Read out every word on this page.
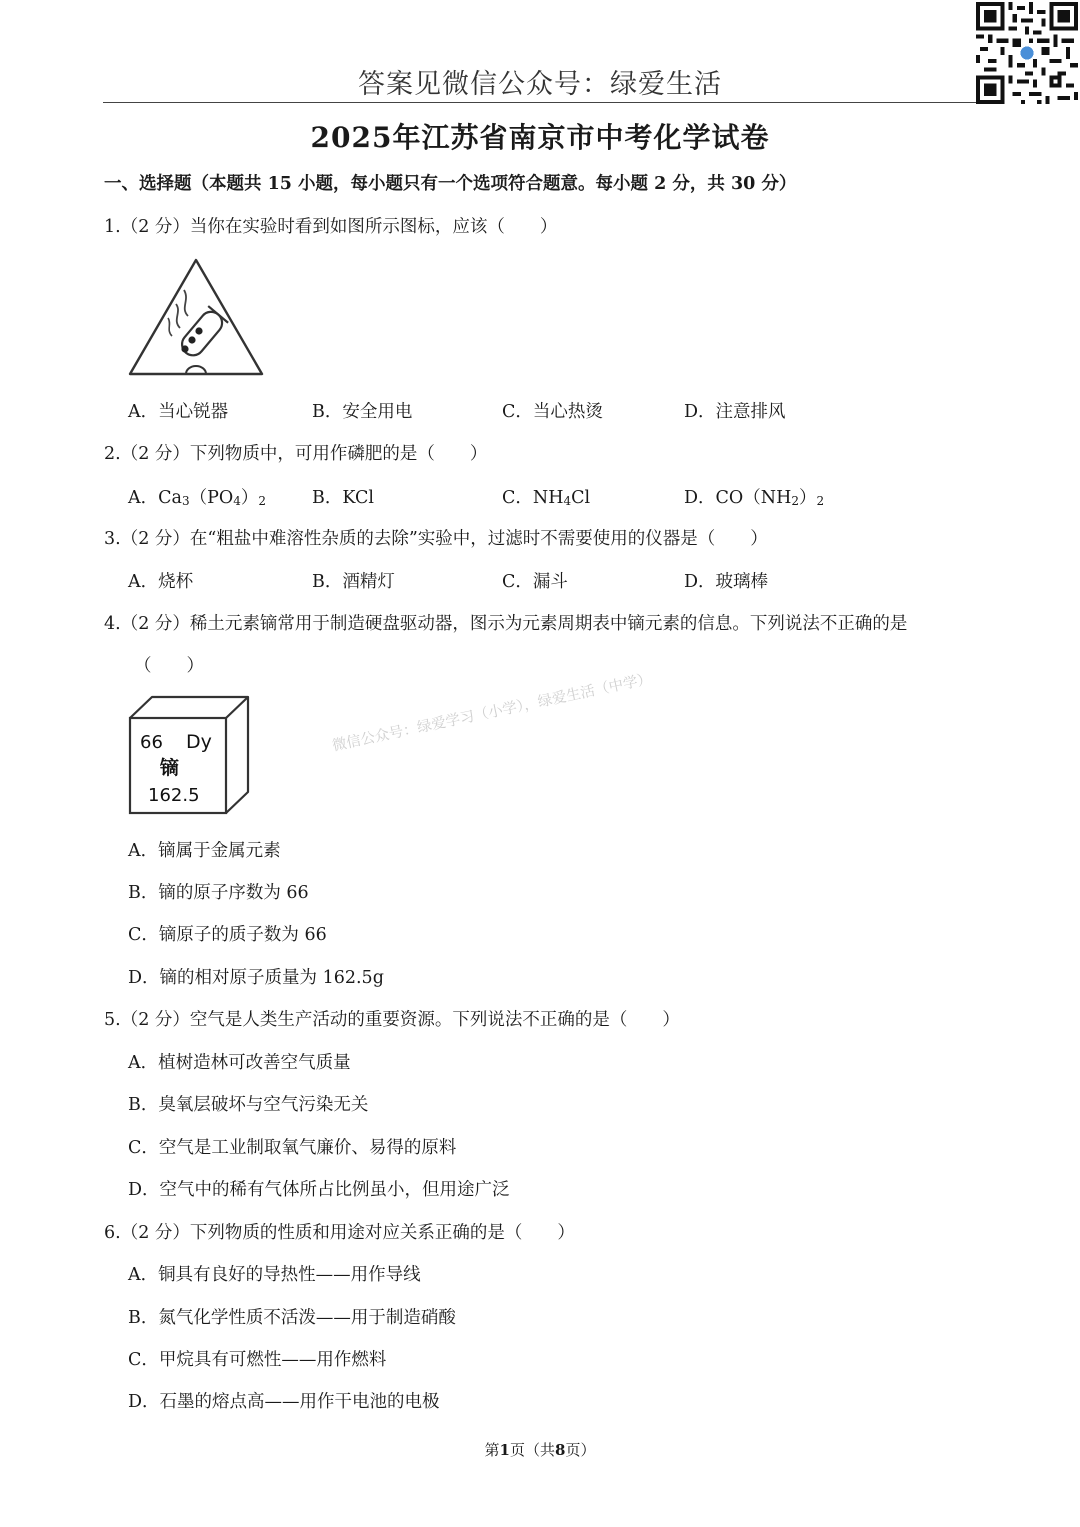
答案见微信公众号：绿爱生活
2025年江苏省南京市中考化学试卷
一、选择题（本题共 15 小题，每小题只有一个选项符合题意。每小题 2 分，共 30 分）
1.（2 分）当你在实验时看到如图所示图标，应该（　　）
A．当心锐器	B．安全用电	C．当心热烫	D．注意排风
2.（2 分）下列物质中，可用作磷肥的是（　　）
A．$Ca_3(PO_4)_2$	B．KCl	C．$NH_4Cl$	D．$CO(NH_2)_2$
3.（2 分）在“粗盐中难溶性杂质的去除”实验中，过滤时不需要使用的仪器是（　　）
A．烧杯	B．酒精灯	C．漏斗	D．玻璃棒
4.（2 分）稀土元素镝常用于制造硬盘驱动器，图示为元素周期表中镝元素的信息。下列说法不正确的是
（　　）
66 Dy
镝
162.5
微信公众号：绿爱学习（小学），绿爱生活（中学）
A．镝属于金属元素
B．镝的原子序数为 66
C．镝原子的质子数为 66
D．镝的相对原子质量为 162.5g
5.（2 分）空气是人类生产活动的重要资源。下列说法不正确的是（　　）
A．植树造林可改善空气质量
B．臭氧层破坏与空气污染无关
C．空气是工业制取氧气廉价、易得的原料
D．空气中的稀有气体所占比例虽小，但用途广泛
6.（2 分）下列物质的性质和用途对应关系正确的是（　　）
A．铜具有良好的导热性——用作导线
B．氮气化学性质不活泼——用于制造硝酸
C．甲烷具有可燃性——用作燃料
D．石墨的熔点高——用作干电池的电极
第1页（共8页）
